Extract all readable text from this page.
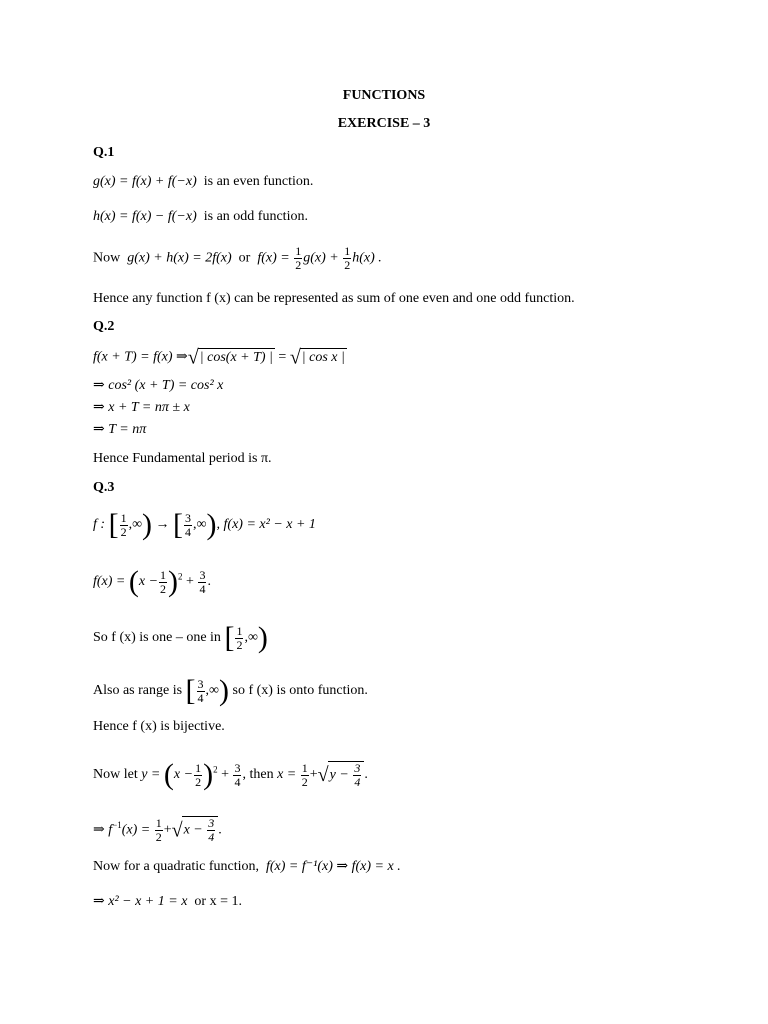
FUNCTIONS
EXERCISE – 3
Q.1
g(x) = f(x) + f(−x) is an even function.
h(x) = f(x) − f(−x) is an odd function.
Now g(x) + h(x) = 2f(x) or $f(x) = \frac{1}{2} g(x) + \frac{1}{2} h(x)$ .
Hence any function f (x) can be represented as sum of one even and one odd function.
Q.2
f(x + T) = f(x) ⇒√| cos(x + T) | = √| cos x |
⇒ cos² (x + T) = cos² x
⇒ x + T = nπ ± x
⇒ T = nπ
Hence Fundamental period is π.
Q.3
f : [ $\frac{1}{2}$ ,∞) → [ $\frac{3}{4}$ ,∞), f(x) = x² − x + 1
$f(x) = (x - \frac{1}{2} )^2 + \frac{3}{4}$ .
So f (x) is one – one in [ $\frac{1}{2}$ ,∞)
Also as range is [ $\frac{3}{4}$ ,∞) so f (x) is onto function.
Hence f (x) is bijective.
Now let $y = (x - \frac{1}{2} )^2 + \frac{3}{4}$ , then $x = \frac{1}{2} +√y - \frac{3}{4}$ .
⇒ $f^{-1}(x) = \frac{1}{2} +√x - \frac{3}{4}$ .
Now for a quadratic function, f(x) = f⁻¹(x) ⇒ f(x) = x .
⇒ x² − x + 1 = x or x = 1.
